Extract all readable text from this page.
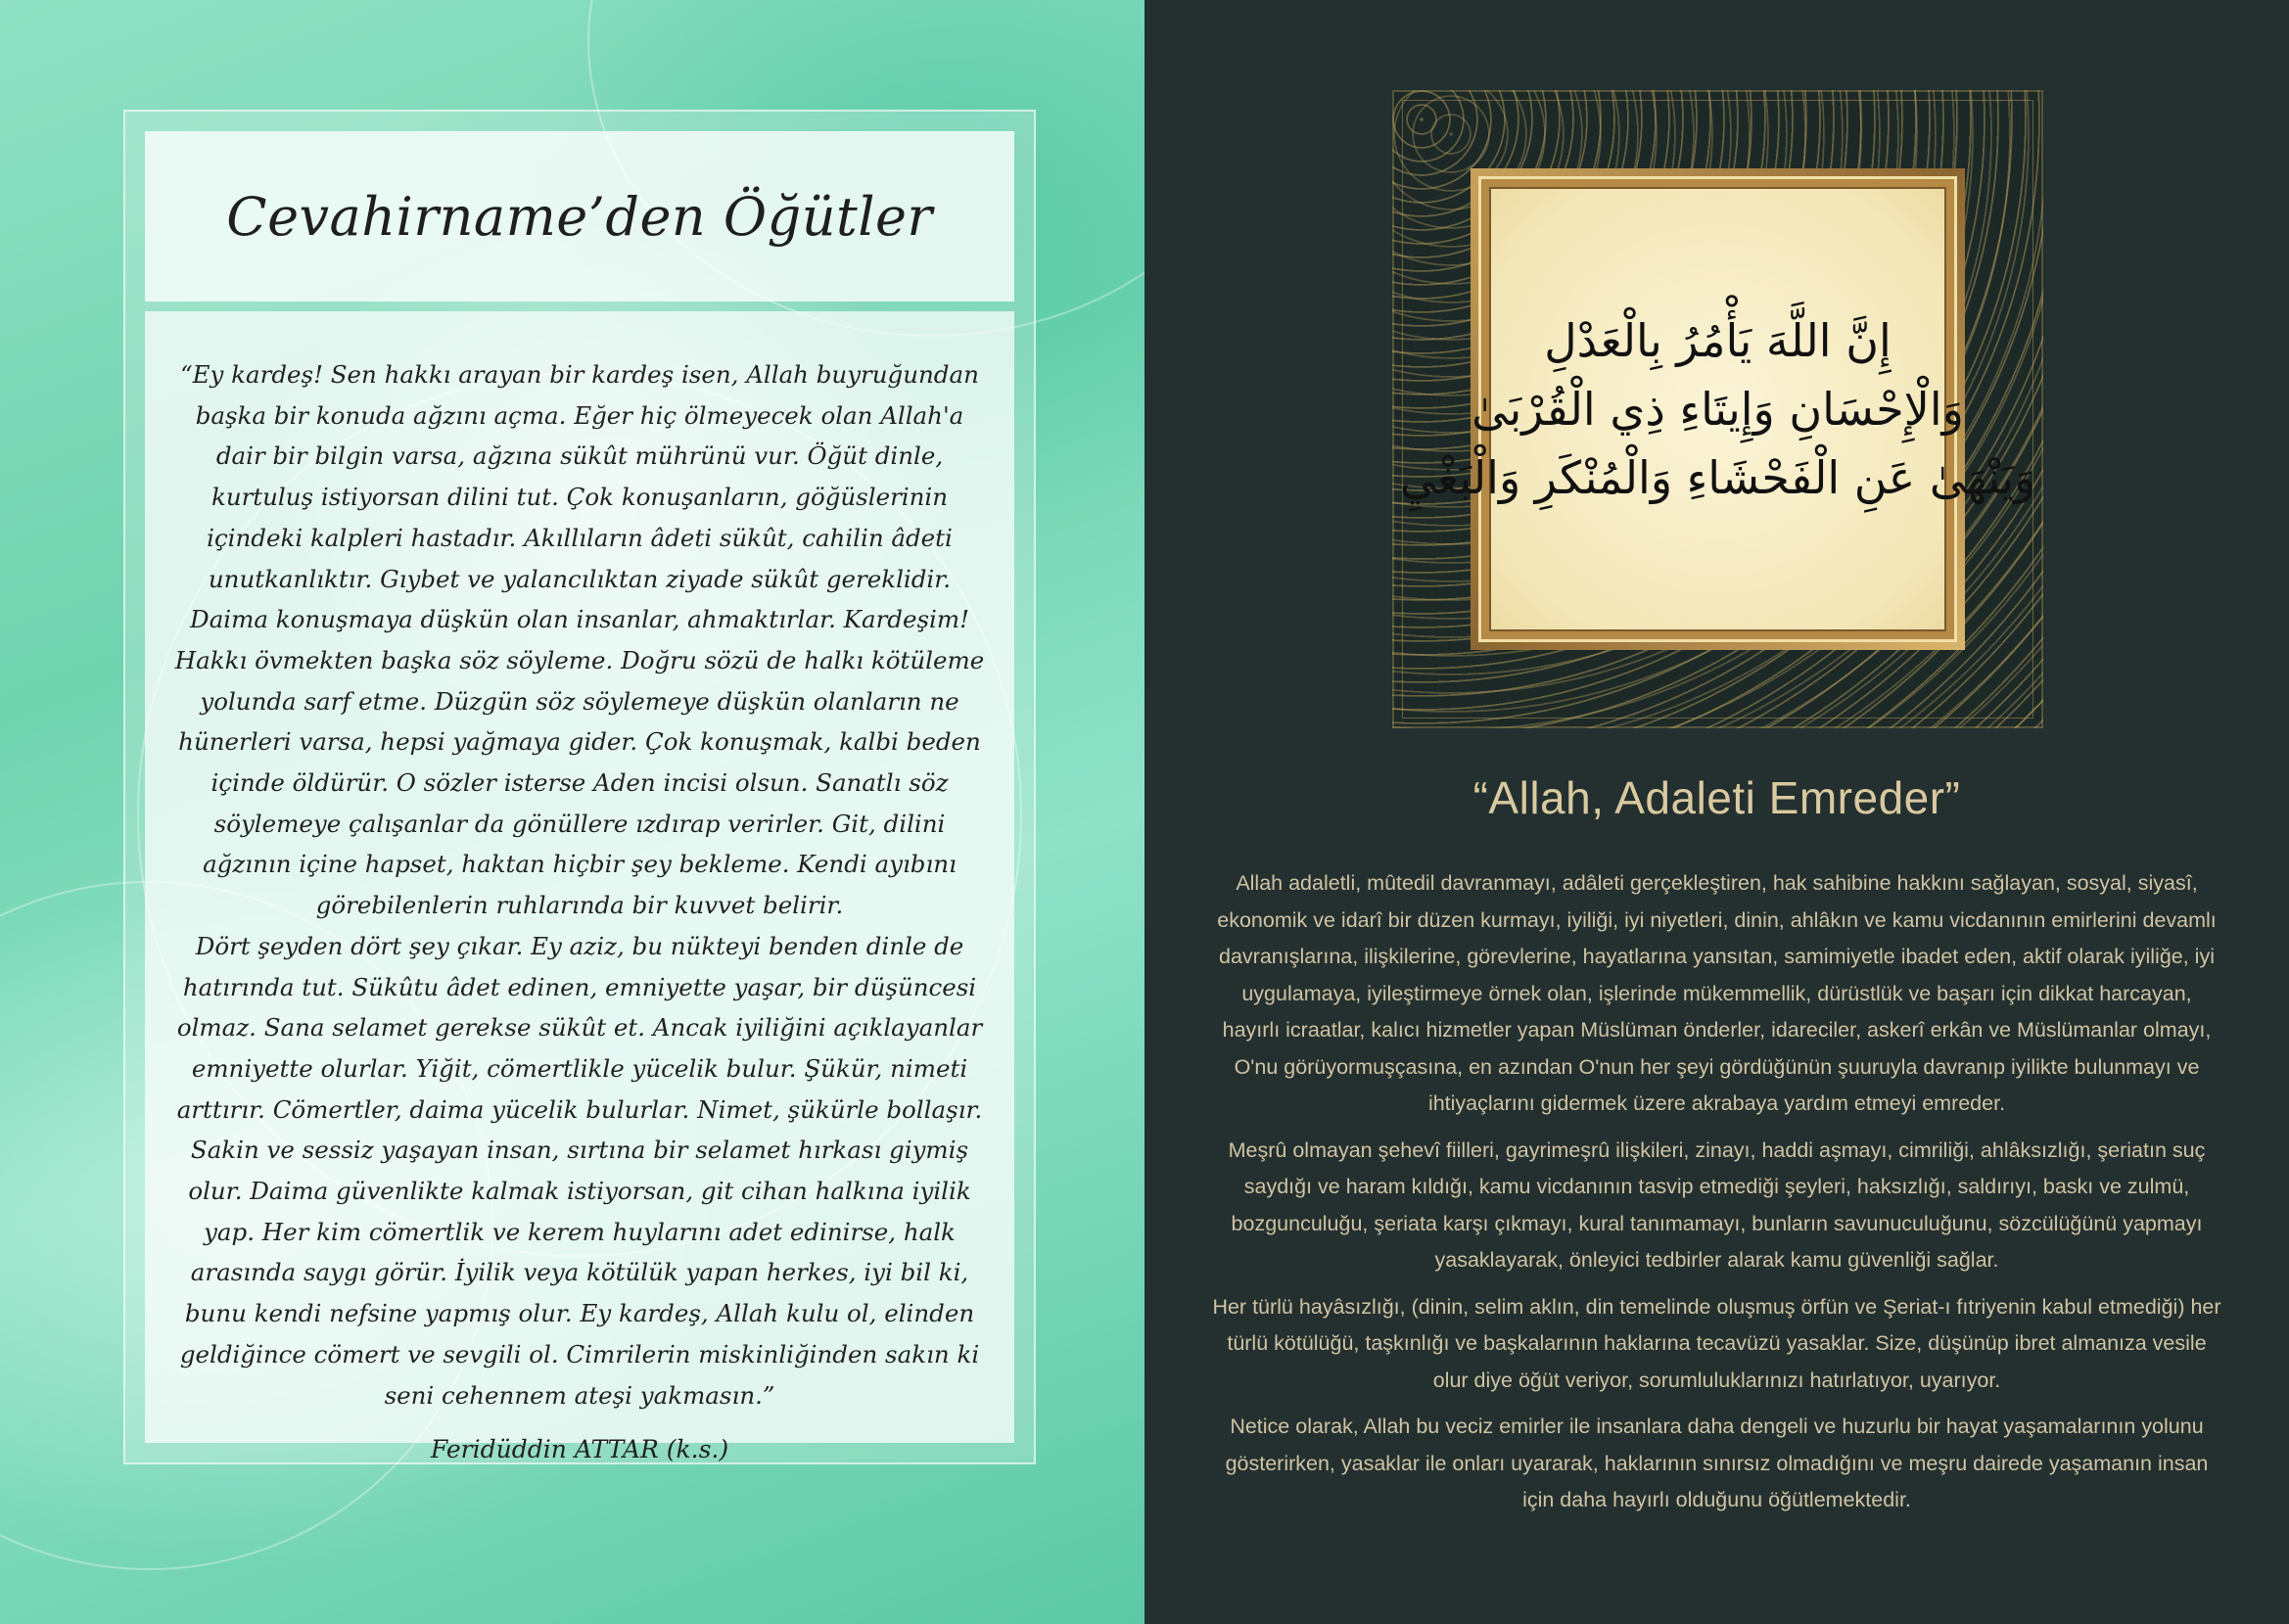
Cevahirname’den Öğütler

“Ey kardeş! Sen hakkı arayan bir kardeş isen, Allah buyruğundan başka bir konuda ağzını açma. Eğer hiç ölmeyecek olan Allah'a dair bir bilgin varsa, ağzına sükût mührünü vur. Öğüt dinle, kurtuluş istiyorsan dilini tut. Çok konuşanların, göğüslerinin içindeki kalpleri hastadır. Akıllıların âdeti sükût, cahilin âdeti unutkanlıktır. Gıybet ve yalancılıktan ziyade sükût gereklidir. Daima konuşmaya düşkün olan insanlar, ahmaktırlar. Kardeşim! Hakkı övmekten başka söz söyleme. Doğru sözü de halkı kötüleme yolunda sarf etme. Düzgün söz söylemeye düşkün olanların ne hünerleri varsa, hepsi yağmaya gider. Çok konuşmak, kalbi beden içinde öldürür. O sözler isterse Aden incisi olsun. Sanatlı söz söylemeye çalışanlar da gönüllere ızdırap verirler. Git, dilini ağzının içine hapset, haktan hiçbir şey bekleme. Kendi ayıbını görebilenlerin ruhlarında bir kuvvet belirir.

Dört şeyden dört şey çıkar. Ey aziz, bu nükteyi benden dinle de hatırında tut. Sükûtu âdet edinen, emniyette yaşar, bir düşüncesi olmaz. Sana selamet gerekse sükût et. Ancak iyiliğini açıklayanlar emniyette olurlar. Yiğit, cömertlikle yücelik bulur. Şükür, nimeti arttırır. Cömertler, daima yücelik bulurlar. Nimet, şükürle bollaşır. Sakin ve sessiz yaşayan insan, sırtına bir selamet hırkası giymiş olur. Daima güvenlikte kalmak istiyorsan, git cihan halkına iyilik yap. Her kim cömertlik ve kerem huylarını adet edinirse, halk arasında saygı görür. İyilik veya kötülük yapan herkes, iyi bil ki, bunu kendi nefsine yapmış olur. Ey kardeş, Allah kulu ol, elinden geldiğince cömert ve sevgili ol. Cimrilerin miskinliğinden sakın ki seni cehennem ateşi yakmasın.”

Feridüddin ATTAR (k.s.)
إِنَّ اللَّهَ يَأْمُرُ بِالْعَدْلِ
وَالْإِحْسَانِ وَإِيتَاءِ ذِي الْقُرْبَىٰ
وَيَنْهَىٰ عَنِ الْفَحْشَاءِ وَالْمُنْكَرِ وَالْبَغْيِ
“Allah, Adaleti Emreder”

Allah adaletli, mûtedil davranmayı, adâleti gerçekleştiren, hak sahibine hakkını sağlayan, sosyal, siyasî, ekonomik ve idarî bir düzen kurmayı, iyiliği, iyi niyetleri, dinin, ahlâkın ve kamu vicdanının emirlerini devamlı davranışlarına, ilişkilerine, görevlerine, hayatlarına yansıtan, samimiyetle ibadet eden, aktif olarak iyiliğe, iyi uygulamaya, iyileştirmeye örnek olan, işlerinde mükemmellik, dürüstlük ve başarı için dikkat harcayan, hayırlı icraatlar, kalıcı hizmetler yapan Müslüman önderler, idareciler, askerî erkân ve Müslümanlar olmayı, O'nu görüyormuşçasına, en azından O'nun her şeyi gördüğünün şuuruyla davranıp iyilikte bulunmayı ve ihtiyaçlarını gidermek üzere akrabaya yardım etmeyi emreder.

Meşrû olmayan şehevî fiilleri, gayrimeşrû ilişkileri, zinayı, haddi aşmayı, cimriliği, ahlâksızlığı, şeriatın suç saydığı ve haram kıldığı, kamu vicdanının tasvip etmediği şeyleri, haksızlığı, saldırıyı, baskı ve zulmü, bozgunculuğu, şeriata karşı çıkmayı, kural tanımamayı, bunların savunuculuğunu, sözcülüğünü yapmayı yasaklayarak, önleyici tedbirler alarak kamu güvenliği sağlar.

Her türlü hayâsızlığı, (dinin, selim aklın, din temelinde oluşmuş örfün ve Şeriat-ı fıtriyenin kabul etmediği) her türlü kötülüğü, taşkınlığı ve başkalarının haklarına tecavüzü yasaklar. Size, düşünüp ibret almanıza vesile olur diye öğüt veriyor, sorumluluklarınızı hatırlatıyor, uyarıyor.

Netice olarak, Allah bu veciz emirler ile insanlara daha dengeli ve huzurlu bir hayat yaşamalarının yolunu gösterirken, yasaklar ile onları uyararak, haklarının sınırsız olmadığını ve meşru dairede yaşamanın insan için daha hayırlı olduğunu öğütlemektedir.
